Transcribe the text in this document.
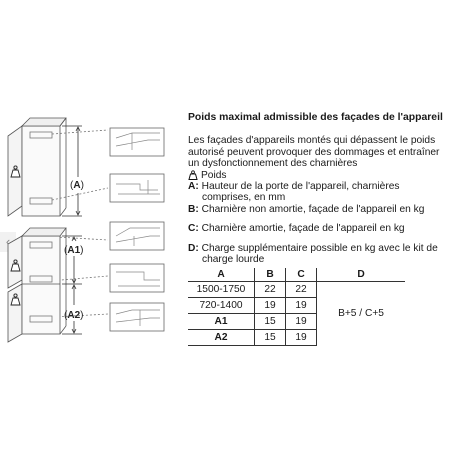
‹
(A)
(A1)
(A2)

Poids maximal admissible des façades de l'appareil

Les façades d'appareils montés qui dépassent le poids
autorisé peuvent provoquer des dommages et entraîner
un dysfonctionnement des charnières
Poids
A:
Hauteur de la porte de l'appareil, charnières
comprises, en mm
B:
Charnière non amortie, façade de l'appareil en kg
C:
Charnière amortie, façade de l'appareil en kg
D:
Charge supplémentaire possible en kg avec le kit de
charge lourde
A	B	C	D
1500-1750	22	22	B+5 / C+5
720-1400	19	19	
A1	15	19	
A2	15	19	
